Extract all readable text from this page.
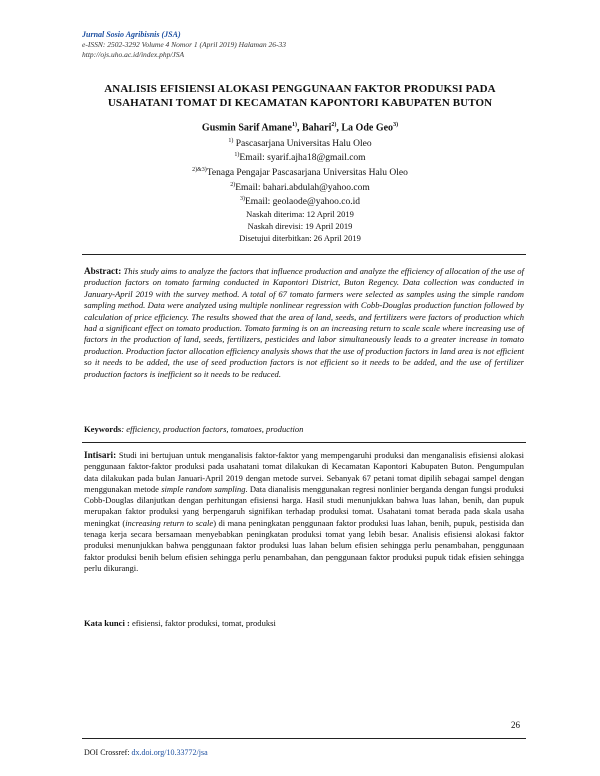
Jurnal Sosio Agribisnis (JSA)
e-ISSN: 2502-3292 Volume 4 Nomor 1 (April 2019) Halaman 26-33
http://ojs.uho.ac.id/index.php/JSA
ANALISIS EFISIENSI ALOKASI PENGGUNAAN FAKTOR PRODUKSI PADA
USAHATANI TOMAT DI KECAMATAN KAPONTORI KABUPATEN BUTON
Gusmin Sarif Amane$^{1)}$, Bahari$^{2)}$, La Ode Geo$^{3)}$
$^{1)}$ Pascasarjana Universitas Halu Oleo
$^{1)}$Email: syarif.ajha18@gmail.com
$^{2)\&3)}$Tenaga Pengajar Pascasarjana Universitas Halu Oleo
$^{2)}$Email: bahari.abdulah@yahoo.com
$^{3)}$Email: geolaode@yahoo.co.id
Naskah diterima: 12 April 2019
Naskah direvisi: 19 April 2019
Disetujui diterbitkan: 26 April 2019
Abstract: This study aims to analyze the factors that influence production and analyze the efficiency of allocation of the use of production factors on tomato farming conducted in Kapontori District, Buton Regency. Data collection was conducted in January-April 2019 with the survey method. A total of 67 tomato farmers were selected as samples using the simple random sampling method. Data were analyzed using multiple nonlinear regression with Cobb-Douglas production function followed by calculation of price efficiency. The results showed that the area of land, seeds, and fertilizers were factors of production which had a significant effect on tomato production. Tomato farming is on an increasing return to scale scale where increasing use of factors in the production of land, seeds, fertilizers, pesticides and labor simultaneously leads to a greater increase in tomato production. Production factor allocation efficiency analysis shows that the use of production factors in land area is not efficient so it needs to be added, the use of seed production factors is not efficient so it needs to be added, and the use of fertilizer production factors is inefficient so it needs to be reduced.
Keywords: efficiency, production factors, tomatoes, production
Intisari: Studi ini bertujuan untuk menganalisis faktor-faktor yang mempengaruhi produksi dan menganalisis efisiensi alokasi penggunaan faktor-faktor produksi pada usahatani tomat dilakukan di Kecamatan Kapontori Kabupaten Buton. Pengumpulan data dilakukan pada bulan Januari-April 2019 dengan metode survei. Sebanyak 67 petani tomat dipilih sebagai sampel dengan menggunakan metode simple random sampling. Data dianalisis menggunakan regresi nonlinier berganda dengan fungsi produksi Cobb-Douglas dilanjutkan dengan perhitungan efisiensi harga. Hasil studi menunjukkan bahwa luas lahan, benih, dan pupuk merupakan faktor produksi yang berpengaruh signifikan terhadap produksi tomat. Usahatani tomat berada pada skala usaha meningkat (increasing return to scale) di mana peningkatan penggunaan faktor produksi luas lahan, benih, pupuk, pestisida dan tenaga kerja secara bersamaan menyebabkan peningkatan produksi tomat yang lebih besar. Analisis efisiensi alokasi faktor produksi menunjukkan bahwa penggunaan faktor produksi luas lahan belum efisien sehingga perlu penambahan, penggunaan faktor produksi benih belum efisien sehingga perlu penambahan, dan penggunaan faktor produksi pupuk tidak efisien sehingga perlu dikurangi.
Kata kunci : efisiensi, faktor produksi, tomat, produksi
26
DOI Crossref: dx.doi.org/10.33772/jsa
